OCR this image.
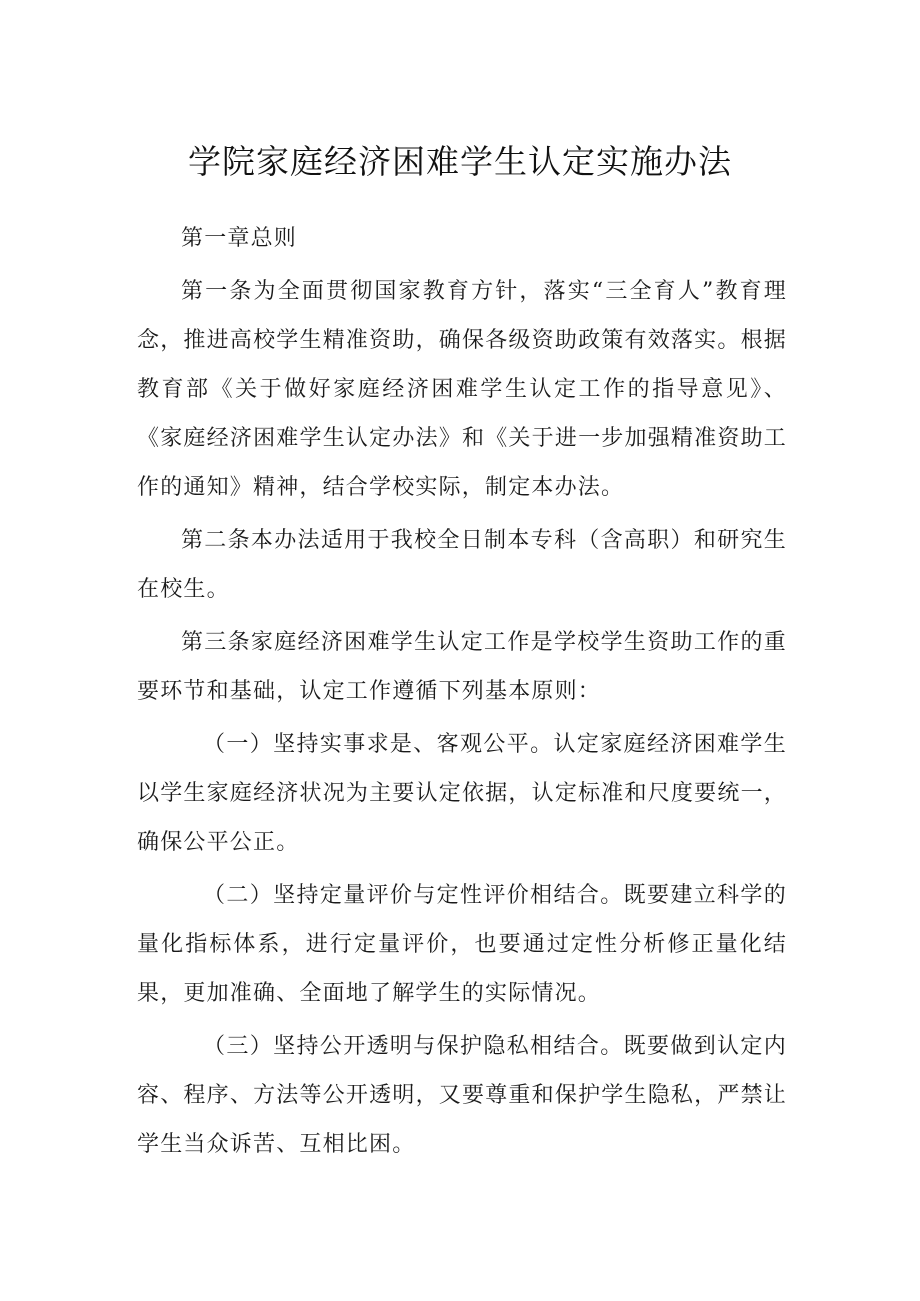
学院家庭经济困难学生认定实施办法

第一章总则

第一条为全面贯彻国家教育方针，落实“三全育人”教育理念，推进高校学生精准资助，确保各级资助政策有效落实。根据教育部《关于做好家庭经济困难学生认定工作的指导意见》、《家庭经济困难学生认定办法》和《关于进一步加强精准资助工作的通知》精神，结合学校实际，制定本办法。

第二条本办法适用于我校全日制本专科（含高职）和研究生在校生。

第三条家庭经济困难学生认定工作是学校学生资助工作的重要环节和基础，认定工作遵循下列基本原则：

（一）坚持实事求是、客观公平。认定家庭经济困难学生以学生家庭经济状况为主要认定依据，认定标准和尺度要统一，确保公平公正。

（二）坚持定量评价与定性评价相结合。既要建立科学的量化指标体系，进行定量评价，也要通过定性分析修正量化结果，更加准确、全面地了解学生的实际情况。

（三）坚持公开透明与保护隐私相结合。既要做到认定内容、程序、方法等公开透明，又要尊重和保护学生隐私，严禁让学生当众诉苦、互相比困。
